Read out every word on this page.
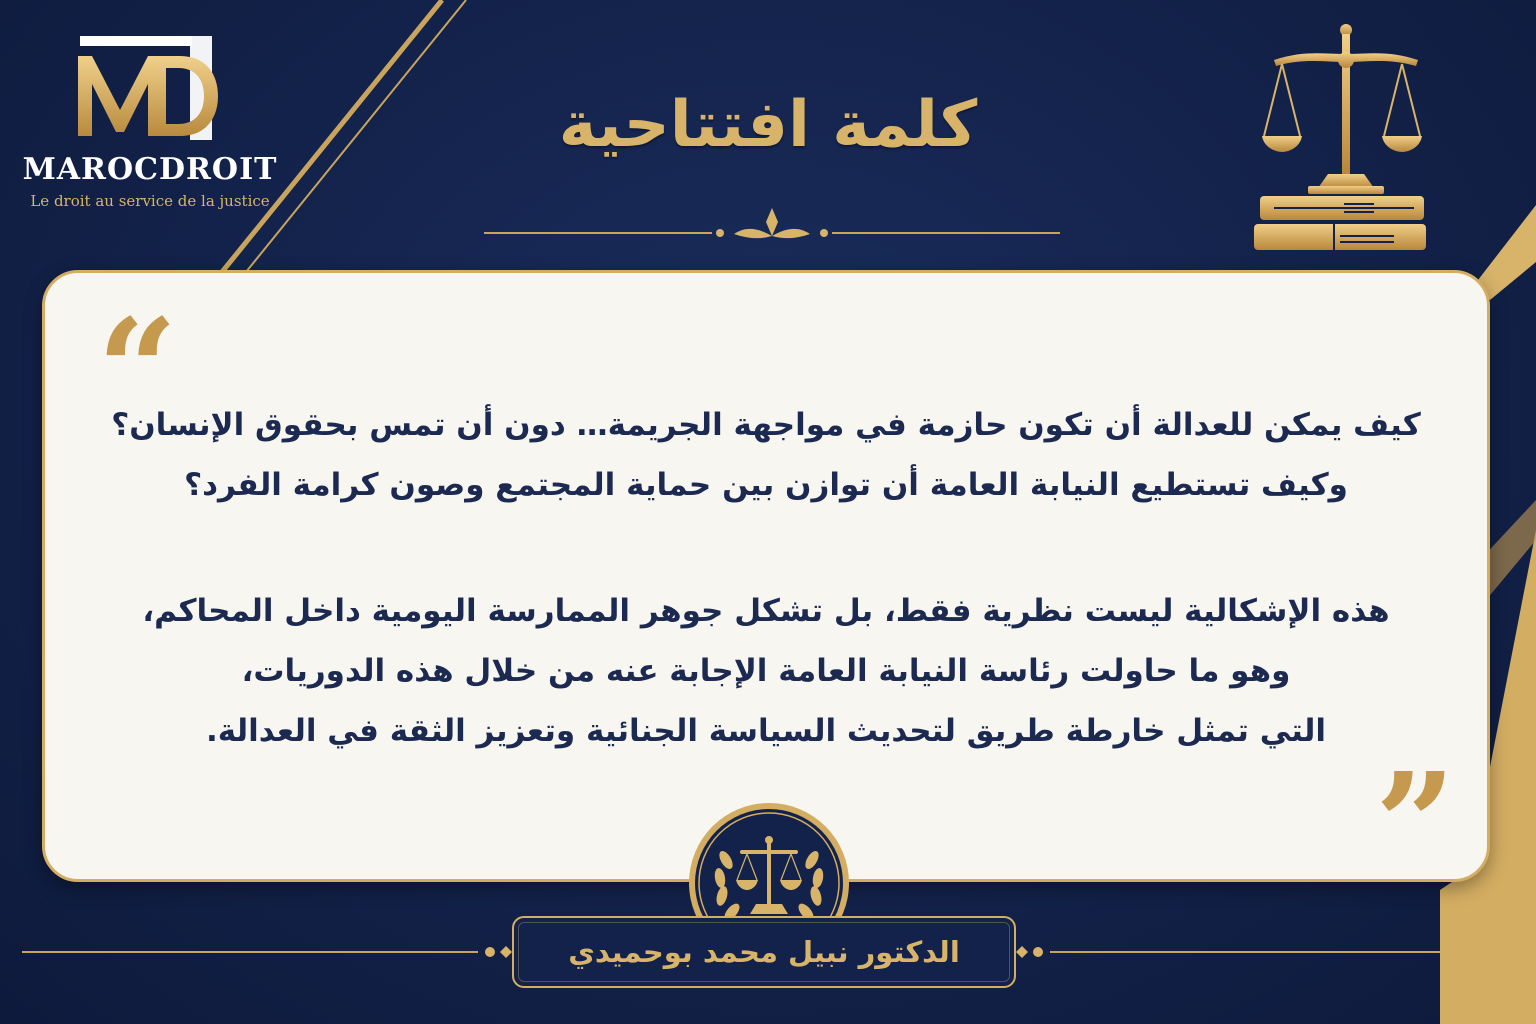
MAROCDROIT
Le droit au service de la justice
كلمة افتتاحية
“
كيف يمكن للعدالة أن تكون حازمة في مواجهة الجريمة… دون أن تمس بحقوق الإنسان؟
وكيف تستطيع النيابة العامة أن توازن بين حماية المجتمع وصون كرامة الفرد؟
هذه الإشكالية ليست نظرية فقط، بل تشكل جوهر الممارسة اليومية داخل المحاكم،
وهو ما حاولت رئاسة النيابة العامة الإجابة عنه من خلال هذه الدوريات،
التي تمثل خارطة طريق لتحديث السياسة الجنائية وتعزيز الثقة في العدالة.
”
الدكتور نبيل محمد بوحميدي
